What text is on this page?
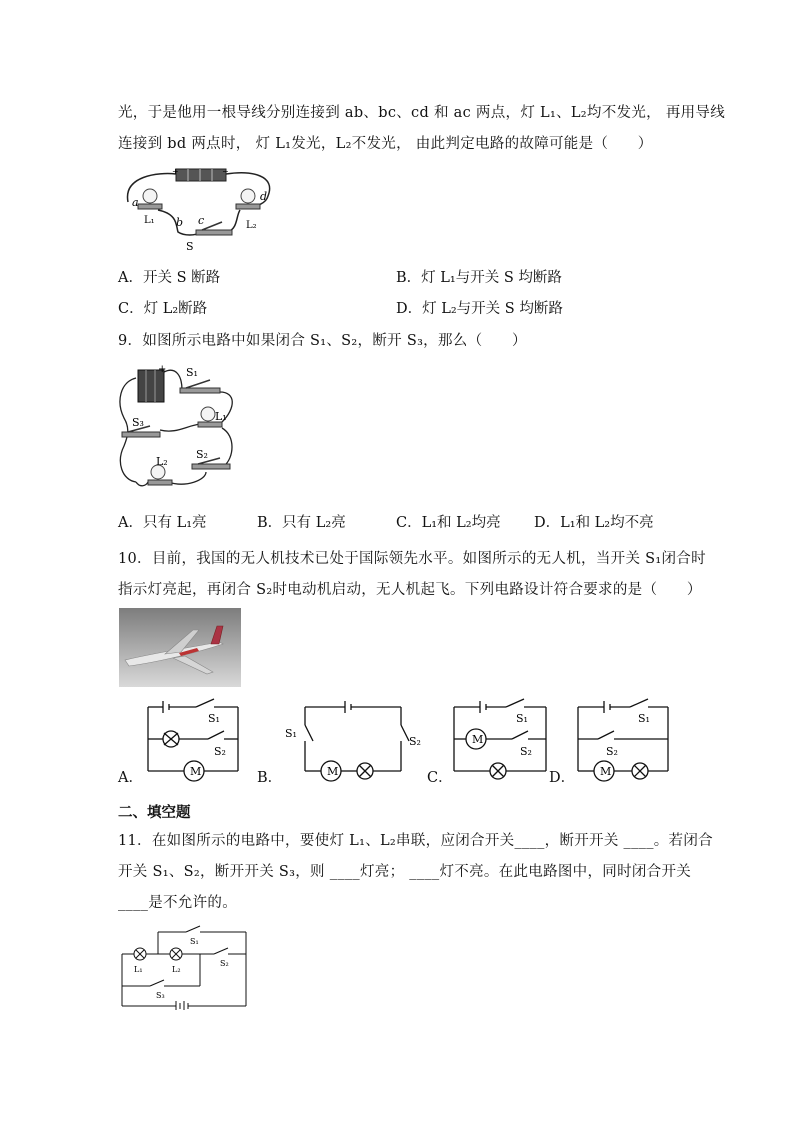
光，于是他用一根导线分别连接到 ab、bc、cd 和 ac 两点，灯 L₁、L₂均不发光， 再用导线
连接到 bd 两点时， 灯 L₁发光，L₂不发光， 由此判定电路的故障可能是（　　）
+	−
a
L₁
d
L₂
b c
S
A．开关 S 断路	B．灯 L₁与开关 S 均断路
C．灯 L₂断路	D．灯 L₂与开关 S 均断路
9．如图所示电路中如果闭合 S₁、S₂，断开 S₃，那么（　　）
+ S₁
L₁
S₃
S₂
L₂
A．只有 L₁亮	B．只有 L₂亮	C．L₁和 L₂均亮 D．L₁和 L₂均不亮
10．目前，我国的无人机技术已处于国际领先水平。如图所示的无人机，当开关 S₁闭合时
指示灯亮起，再闭合 S₂时电动机启动，无人机起飞。下列电路设计符合要求的是（　　）
M
S₁
S₂
A．	M
S₁
S₂
B．
M
S₁
S₂
C．	M
S₁
S₂
D．
二、填空题
11．在如图所示的电路中，要使灯 L₁、L₂串联，应闭合开关____，断开开关 ____。若闭合
开关 S₁、S₂，断开开关 S₃，则 ____灯亮； ____灯不亮。在此电路图中，同时闭合开关
____是不允许的。
L₁	L₂
S₁
S₂
S₃
